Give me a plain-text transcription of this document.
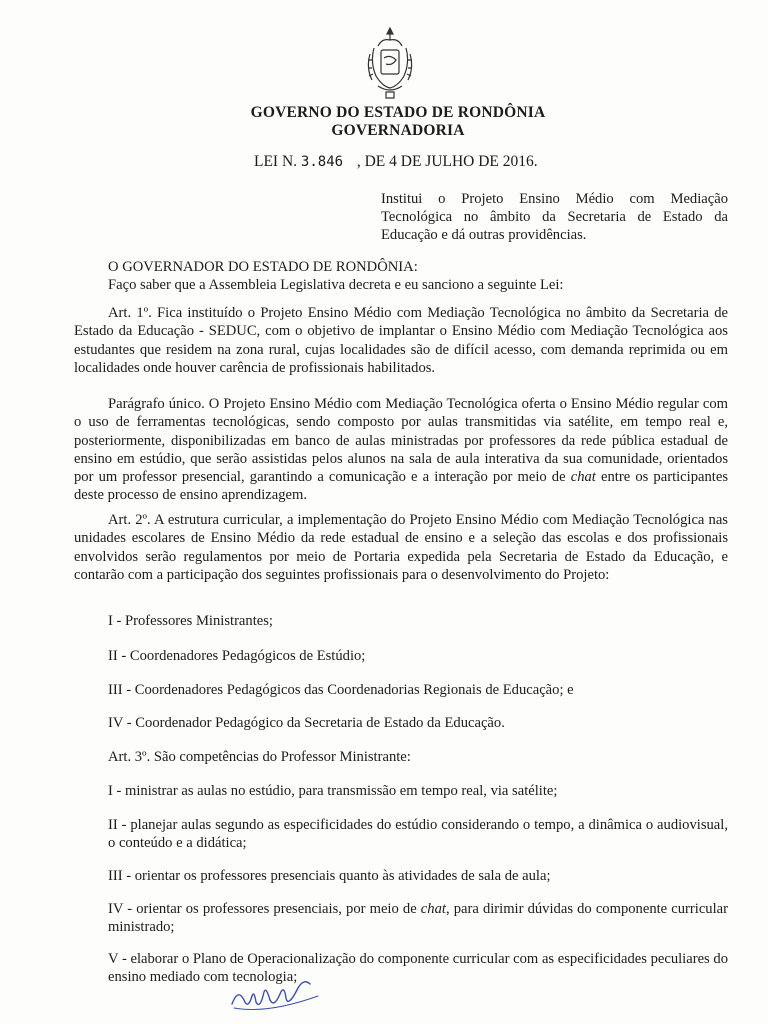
GOVERNO DO ESTADO DE RONDÔNIA
GOVERNADORIA
LEI N. 3.846 , DE 4 DE JULHO DE 2016.
Institui o Projeto Ensino Médio com Mediação Tecnológica no âmbito da Secretaria de Estado da Educação e dá outras providências.
O GOVERNADOR DO ESTADO DE RONDÔNIA:
Faço saber que a Assembleia Legislativa decreta e eu sanciono a seguinte Lei:
Art. 1º. Fica instituído o Projeto Ensino Médio com Mediação Tecnológica no âmbito da Secretaria de Estado da Educação - SEDUC, com o objetivo de implantar o Ensino Médio com Mediação Tecnológica aos estudantes que residem na zona rural, cujas localidades são de difícil acesso, com demanda reprimida ou em localidades onde houver carência de profissionais habilitados.
Parágrafo único. O Projeto Ensino Médio com Mediação Tecnológica oferta o Ensino Médio regular com o uso de ferramentas tecnológicas, sendo composto por aulas transmitidas via satélite, em tempo real e, posteriormente, disponibilizadas em banco de aulas ministradas por professores da rede pública estadual de ensino em estúdio, que serão assistidas pelos alunos na sala de aula interativa da sua comunidade, orientados por um professor presencial, garantindo a comunicação e a interação por meio de chat entre os participantes deste processo de ensino aprendizagem.
Art. 2º. A estrutura curricular, a implementação do Projeto Ensino Médio com Mediação Tecnológica nas unidades escolares de Ensino Médio da rede estadual de ensino e a seleção das escolas e dos profissionais envolvidos serão regulamentos por meio de Portaria expedida pela Secretaria de Estado da Educação, e contarão com a participação dos seguintes profissionais para o desenvolvimento do Projeto:
I - Professores Ministrantes;
II - Coordenadores Pedagógicos de Estúdio;
III - Coordenadores Pedagógicos das Coordenadorias Regionais de Educação; e
IV - Coordenador Pedagógico da Secretaria de Estado da Educação.
Art. 3º. São competências do Professor Ministrante:
I - ministrar as aulas no estúdio, para transmissão em tempo real, via satélite;
II - planejar aulas segundo as especificidades do estúdio considerando o tempo, a dinâmica o audiovisual, o conteúdo e a didática;
III - orientar os professores presenciais quanto às atividades de sala de aula;
IV - orientar os professores presenciais, por meio de chat, para dirimir dúvidas do componente curricular ministrado;
V - elaborar o Plano de Operacionalização do componente curricular com as especificidades peculiares do ensino mediado com tecnologia;
